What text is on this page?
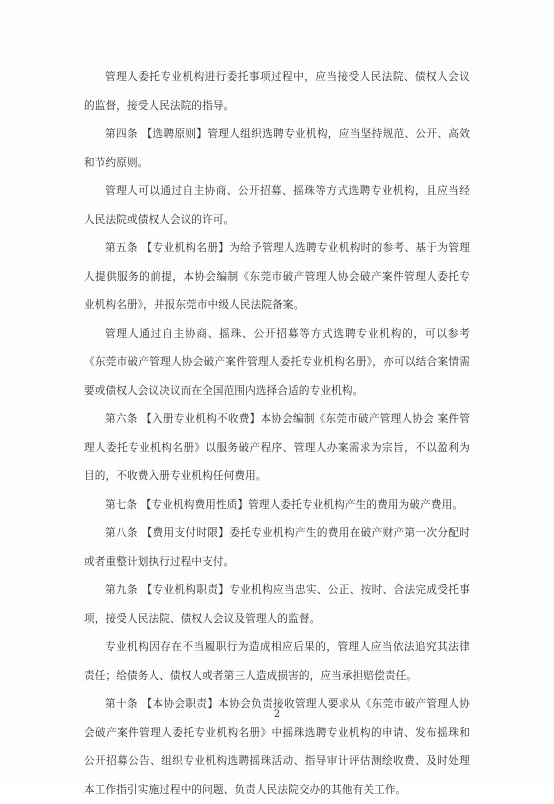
管理人委托专业机构进行委托事项过程中，应当接受人民法院、债权人会议的监督，接受人民法院的指导。

第四条 【选聘原则】管理人组织选聘专业机构，应当坚持规范、公开、高效和节约原则。

管理人可以通过自主协商、公开招募、摇珠等方式选聘专业机构，且应当经人民法院或债权人会议的许可。

第五条 【专业机构名册】为给予管理人选聘专业机构时的参考、基于为管理人提供服务的前提，本协会编制《东莞市破产管理人协会破产案件管理人委托专业机构名册》，并报东莞市中级人民法院备案。

管理人通过自主协商、摇珠、公开招募等方式选聘专业机构的，可以参考《东莞市破产管理人协会破产案件管理人委托专业机构名册》，亦可以结合案情需要或债权人会议决议而在全国范围内选择合适的专业机构。

第六条 【入册专业机构不收费】本协会编制《东莞市破产管理人协会 案件管理人委托专业机构名册》以服务破产程序、管理人办案需求为宗旨，不以盈利为目的，不收费入册专业机构任何费用。

第七条 【专业机构费用性质】管理人委托专业机构产生的费用为破产费用。

第八条 【费用支付时限】委托专业机构产生的费用在破产财产第一次分配时或者重整计划执行过程中支付。

第九条 【专业机构职责】专业机构应当忠实、公正、按时、合法完成受托事项，接受人民法院、债权人会议及管理人的监督。

专业机构因存在不当履职行为造成相应后果的，管理人应当依法追究其法律责任；给债务人、债权人或者第三人造成损害的，应当承担赔偿责任。

第十条 【本协会职责】本协会负责接收管理人要求从《东莞市破产管理人协会破产案件管理人委托专业机构名册》中摇珠选聘专业机构的申请、发布摇珠和公开招募公告、组织专业机构选聘摇珠活动、指导审计评估测绘收费、及时处理本工作指引实施过程中的问题、负责人民法院交办的其他有关工作。

2
